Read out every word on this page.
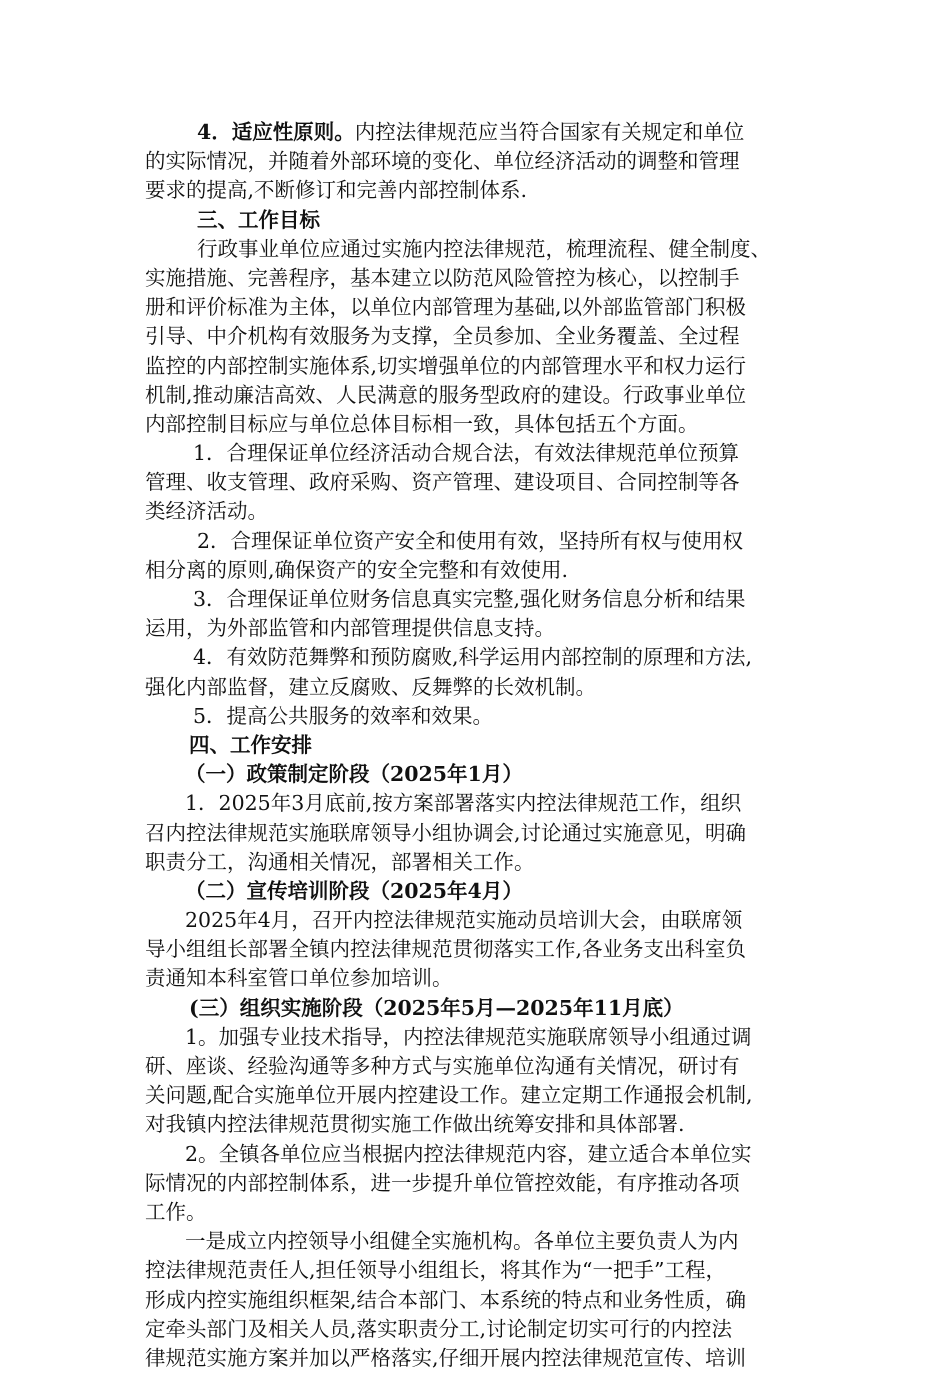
4．适应性原则。内控法律规范应当符合国家有关规定和单位
的实际情况，并随着外部环境的变化、单位经济活动的调整和管理
要求的提高,不断修订和完善内部控制体系.
三、工作目标
行政事业单位应通过实施内控法律规范，梳理流程、健全制度、
实施措施、完善程序，基本建立以防范风险管控为核心，以控制手
册和评价标准为主体，以单位内部管理为基础,以外部监管部门积极
引导、中介机构有效服务为支撑，全员参加、全业务覆盖、全过程
监控的内部控制实施体系,切实增强单位的内部管理水平和权力运行
机制,推动廉洁高效、人民满意的服务型政府的建设。行政事业单位
内部控制目标应与单位总体目标相一致，具体包括五个方面。
1．合理保证单位经济活动合规合法，有效法律规范单位预算
管理、收支管理、政府采购、资产管理、建设项目、合同控制等各
类经济活动。
2．合理保证单位资产安全和使用有效，坚持所有权与使用权
相分离的原则,确保资产的安全完整和有效使用.
3．合理保证单位财务信息真实完整,强化财务信息分析和结果
运用，为外部监管和内部管理提供信息支持。
4．有效防范舞弊和预防腐败,科学运用内部控制的原理和方法,
强化内部监督，建立反腐败、反舞弊的长效机制。
5．提高公共服务的效率和效果。
四、工作安排
（一）政策制定阶段（2025年1月）
1．2025年3月底前,按方案部署落实内控法律规范工作，组织
召内控法律规范实施联席领导小组协调会,讨论通过实施意见，明确
职责分工，沟通相关情况，部署相关工作。
（二）宣传培训阶段（2025年4月）
2025年4月，召开内控法律规范实施动员培训大会，由联席领
导小组组长部署全镇内控法律规范贯彻落实工作,各业务支出科室负
责通知本科室管口单位参加培训。
(三）组织实施阶段（2025年5月—2025年11月底）
1。加强专业技术指导，内控法律规范实施联席领导小组通过调
研、座谈、经验沟通等多种方式与实施单位沟通有关情况，研讨有
关问题,配合实施单位开展内控建设工作。建立定期工作通报会机制,
对我镇内控法律规范贯彻实施工作做出统筹安排和具体部署.
2。全镇各单位应当根据内控法律规范内容，建立适合本单位实
际情况的内部控制体系，进一步提升单位管控效能，有序推动各项
工作。
一是成立内控领导小组健全实施机构。各单位主要负责人为内
控法律规范责任人,担任领导小组组长，将其作为“一把手”工程，
形成内控实施组织框架,结合本部门、本系统的特点和业务性质，确
定牵头部门及相关人员,落实职责分工,讨论制定切实可行的内控法
律规范实施方案并加以严格落实,仔细开展内控法律规范宣传、培训
